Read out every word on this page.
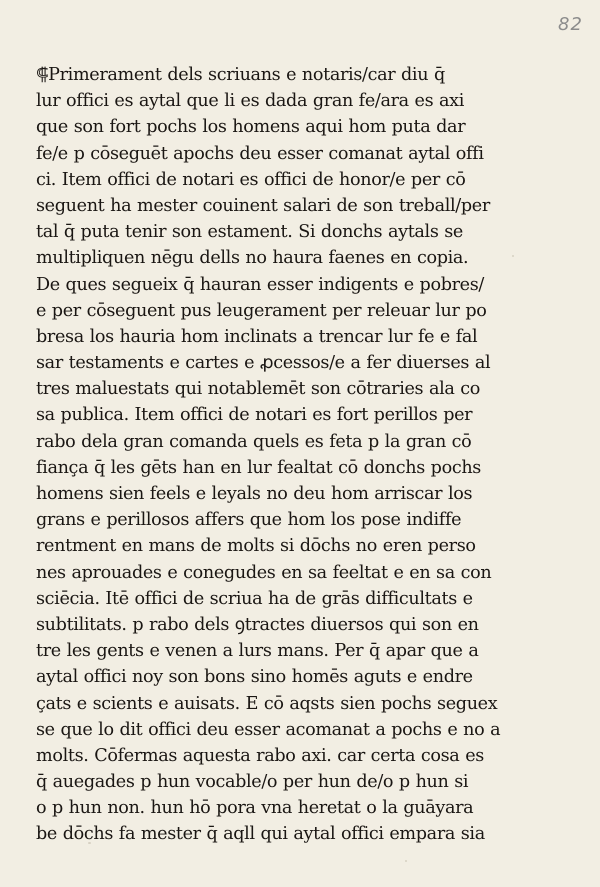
82
⸿Primerament dels scriuans e notaris/car diu q̄
lur offici es aytal que li es dada gran fe/ara es axi
que son fort pochs los homens aqui hom puta dar
fe/e p cōseguēt apochs deu esser comanat aytal offi
ci. Item offici de notari es offici de honor/e per cō
seguent ha mester couinent salari de son treball/per
tal q̄ puta tenir son estament. Si donchs aytals se
multipliquen nēgu dells no haura faenes en copia.
De ques segueix q̄ hauran esser indigents e pobres/
e per cōseguent pus leugerament per releuar lur po
bresa los hauria hom inclinats a trencar lur fe e fal
sar testaments e cartes e ꝓcessos/e a fer diuerses al
tres maluestats qui notablemēt son cōtraries ala co
sa publica. Item offici de notari es fort perillos per
rabo dela gran comanda quels es feta p la gran cō
fiança q̄ les gēts han en lur fealtat cō donchs pochs
homens sien feels e leyals no deu hom arriscar los
grans e perillosos affers que hom los pose indiffe
rentment en mans de molts si dōchs no eren perso
nes aprouades e conegudes en sa feeltat e en sa con
sciēcia. Itē offici de scriua ha de grās difficultats e
subtilitats. p rabo dels ꝯtractes diuersos qui son en
tre les gents e venen a lurs mans. Per q̄ apar que a
aytal offici noy son bons sino homēs aguts e endre
çats e scients e auisats. E cō aqsts sien pochs seguex
se que lo dit offici deu esser acomanat a pochs e no a
molts. Cōfermas aquesta rabo axi. car certa cosa es
q̄ auegades p hun vocable/o per hun de/o p hun si
o p hun non. hun hō pora vna heretat o la guāyara
be dōchs fa mester q̄ aqll qui aytal offici empara sia
